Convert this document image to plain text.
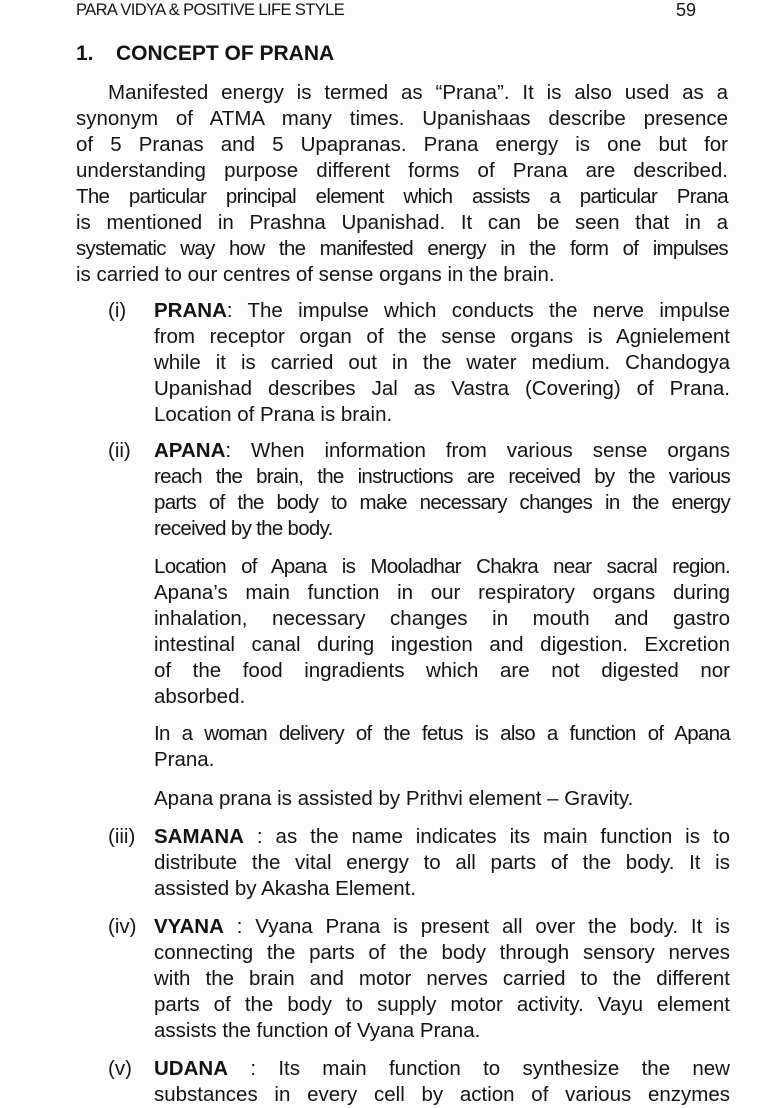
PARA VIDYA & POSITIVE LIFE STYLE	59
1. CONCEPT OF PRANA
Manifested energy is termed as “Prana”. It is also used as a
synonym of ATMA many times. Upanishaas describe presence
of 5 Pranas and 5 Upapranas. Prana energy is one but for
understanding purpose different forms of Prana are described.
The particular principal element which assists a particular Prana
is mentioned in Prashna Upanishad. It can be seen that in a
systematic way how the manifested energy in the form of impulses
is carried to our centres of sense organs in the brain.
(i) PRANA: The impulse which conducts the nerve impulse
from receptor organ of the sense organs is Agnielement
while it is carried out in the water medium. Chandogya
Upanishad describes Jal as Vastra (Covering) of Prana.
Location of Prana is brain.
(ii) APANA: When information from various sense organs
reach the brain, the instructions are received by the various
parts of the body to make necessary changes in the energy
received by the body.
Location of Apana is Mooladhar Chakra near sacral region.
Apana’s main function in our respiratory organs during
inhalation, necessary changes in mouth and gastro
intestinal canal during ingestion and digestion. Excretion
of the food ingradients which are not digested nor
absorbed.
In a woman delivery of the fetus is also a function of Apana
Prana.
Apana prana is assisted by Prithvi element – Gravity.
(iii) SAMANA : as the name indicates its main function is to
distribute the vital energy to all parts of the body. It is
assisted by Akasha Element.
(iv) VYANA : Vyana Prana is present all over the body. It is
connecting the parts of the body through sensory nerves
with the brain and motor nerves carried to the different
parts of the body to supply motor activity. Vayu element
assists the function of Vyana Prana.
(v) UDANA : Its main function to synthesize the new
substances in every cell by action of various enzymes
